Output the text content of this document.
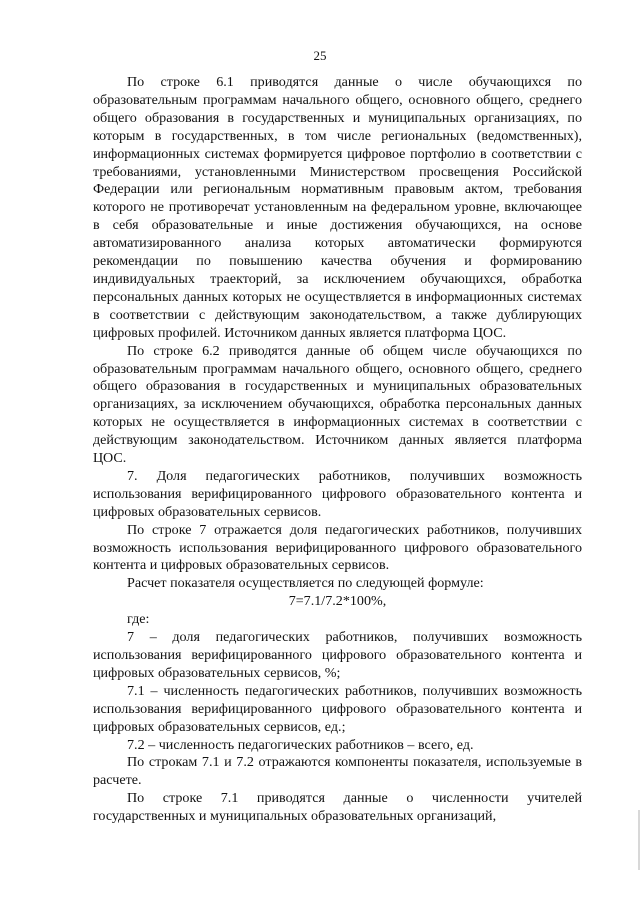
25

По строке 6.1 приводятся данные о числе обучающихся по образовательным программам начального общего, основного общего, среднего общего образования в государственных и муниципальных организациях, по которым в государственных, в том числе региональных (ведомственных), информационных системах формируется цифровое портфолио в соответствии с требованиями, установленными Министерством просвещения Российской Федерации или региональным нормативным правовым актом, требования которого не противоречат установленным на федеральном уровне, включающее в себя образовательные и иные достижения обучающихся, на основе автоматизированного анализа которых автоматически формируются рекомендации по повышению качества обучения и формированию индивидуальных траекторий, за исключением обучающихся, обработка персональных данных которых не осуществляется в информационных системах в соответствии с действующим законодательством, а также дублирующих цифровых профилей. Источником данных является платформа ЦОС.

По строке 6.2 приводятся данные об общем числе обучающихся по образовательным программам начального общего, основного общего, среднего общего образования в государственных и муниципальных образовательных организациях, за исключением обучающихся, обработка персональных данных которых не осуществляется в информационных системах в соответствии с действующим законодательством. Источником данных является платформа ЦОС.

7. Доля педагогических работников, получивших возможность использования верифицированного цифрового образовательного контента и цифровых образовательных сервисов.

По строке 7 отражается доля педагогических работников, получивших возможность использования верифицированного цифрового образовательного контента и цифровых образовательных сервисов.

Расчет показателя осуществляется по следующей формуле:

7=7.1/7.2*100%,

где:

7 – доля педагогических работников, получивших возможность использования верифицированного цифрового образовательного контента и цифровых образовательных сервисов, %;

7.1 – численность педагогических работников, получивших возможность использования верифицированного цифрового образовательного контента и цифровых образовательных сервисов, ед.;

7.2 – численность педагогических работников – всего, ед.

По строкам 7.1 и 7.2 отражаются компоненты показателя, используемые в расчете.

По строке 7.1 приводятся данные о численности учителей государственных и муниципальных образовательных организаций,
